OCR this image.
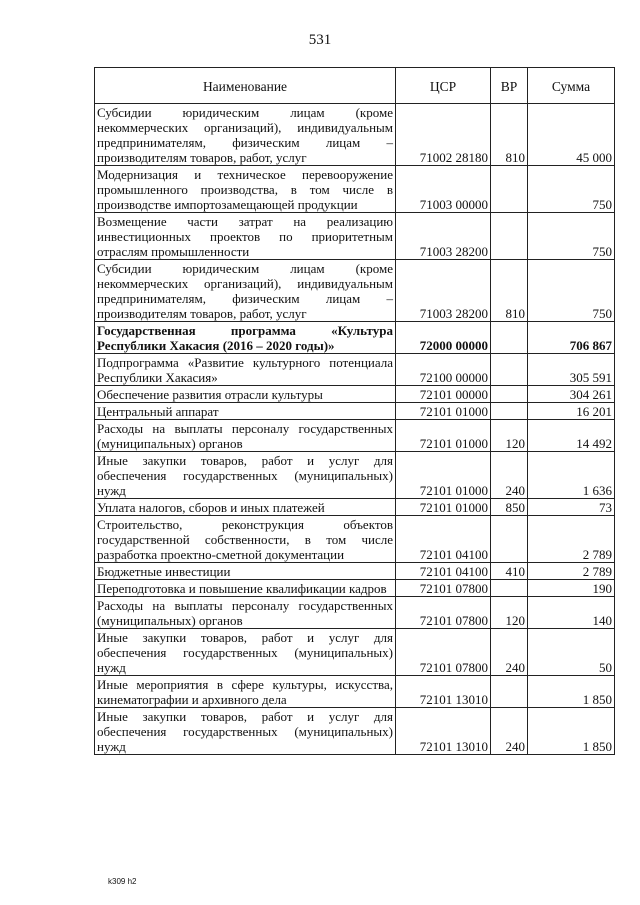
531
Наименование	ЦСР	ВР	Сумма
Субсидии юридическим лицам (кроме некоммерческих организаций), индивидуальным предпринимателям, физическим лицам – производителям товаров, работ, услуг	71002 28180	810	45 000
Модернизация и техническое перевооружение промышленного производства, в том числе в производстве импортозамещающей продукции	71003 00000		750
Возмещение части затрат на реализацию инвестиционных проектов по приоритетным отраслям промышленности	71003 28200		750
Субсидии юридическим лицам (кроме некоммерческих организаций), индивидуальным предпринимателям, физическим лицам – производителям товаров, работ, услуг	71003 28200	810	750
Государственная программа «Культура Республики Хакасия (2016 – 2020 годы)»	72000 00000		706 867
Подпрограмма «Развитие культурного потенциала Республики Хакасия»	72100 00000		305 591
Обеспечение развития отрасли культуры	72101 00000		304 261
Центральный аппарат	72101 01000		16 201
Расходы на выплаты персоналу государственных (муниципальных) органов	72101 01000	120	14 492
Иные закупки товаров, работ и услуг для обеспечения государственных (муниципальных) нужд	72101 01000	240	1 636
Уплата налогов, сборов и иных платежей	72101 01000	850	73
Строительство, реконструкция объектов государственной собственности, в том числе разработка проектно-сметной документации	72101 04100		2 789
Бюджетные инвестиции	72101 04100	410	2 789
Переподготовка и повышение квалификации кадров	72101 07800		190
Расходы на выплаты персоналу государственных (муниципальных) органов	72101 07800	120	140
Иные закупки товаров, работ и услуг для обеспечения государственных (муниципальных) нужд	72101 07800	240	50
Иные мероприятия в сфере культуры, искусства, кинематографии и архивного дела	72101 13010		1 850
Иные закупки товаров, работ и услуг для обеспечения государственных (муниципальных) нужд	72101 13010	240	1 850
k309 h2
